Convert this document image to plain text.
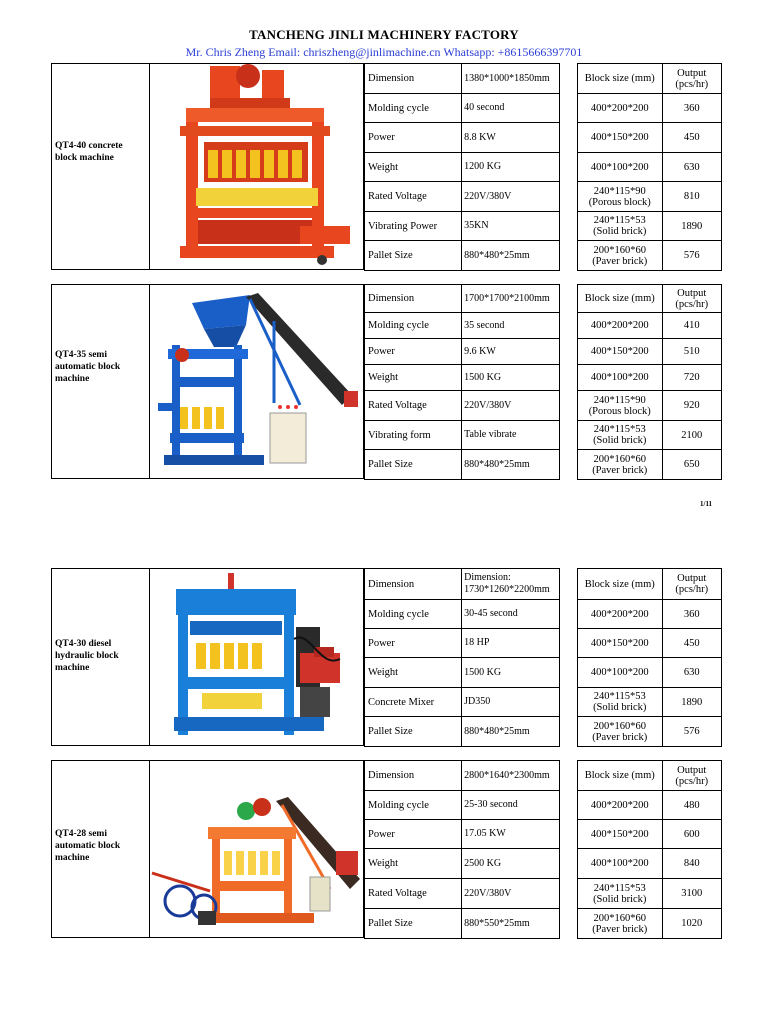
TANCHENG JINLI MACHINERY FACTORY
Mr. Chris Zheng Email: chriszheng@jinlimachine.cn Whatsapp: +8615666397701
QT4-40 concrete block machine
Dimension	1380*1000*1850mm
Molding cycle	40 second
Power	8.8 KW
Weight	1200 KG
Rated Voltage	220V/380V
Vibrating Power	35KN
Pallet Size	880*480*25mm
Block size (mm)	Output
(pcs/hr)
400*200*200	360
400*150*200	450
400*100*200	630
240*115*90
(Porous block)	810
240*115*53
(Solid brick)	1890
200*160*60
(Paver brick)	576
QT4-35 semi automatic block machine
Dimension	1700*1700*2100mm
Molding cycle	35 second
Power	9.6 KW
Weight	1500 KG
Rated Voltage	220V/380V
Vibrating form	Table vibrate
Pallet Size	880*480*25mm
Block size (mm)	Output
(pcs/hr)
400*200*200	410
400*150*200	510
400*100*200	720
240*115*90
(Porous block)	920
240*115*53
(Solid brick)	2100
200*160*60
(Paver brick)	650
1/11
QT4-30 diesel hydraulic block machine
Dimension	Dimension:
1730*1260*2200mm
Molding cycle	30-45 second
Power	18 HP
Weight	1500 KG
Concrete Mixer	JD350
Pallet Size	880*480*25mm
Block size (mm)	Output
(pcs/hr)
400*200*200	360
400*150*200	450
400*100*200	630
240*115*53
(Solid brick)	1890
200*160*60
(Paver brick)	576
QT4-28 semi automatic block machine
Dimension	2800*1640*2300mm
Molding cycle	25-30 second
Power	17.05 KW
Weight	2500 KG
Rated Voltage	220V/380V
Pallet Size	880*550*25mm
Block size (mm)	Output
(pcs/hr)
400*200*200	480
400*150*200	600
400*100*200	840
240*115*53
(Solid brick)	3100
200*160*60
(Paver brick)	1020
